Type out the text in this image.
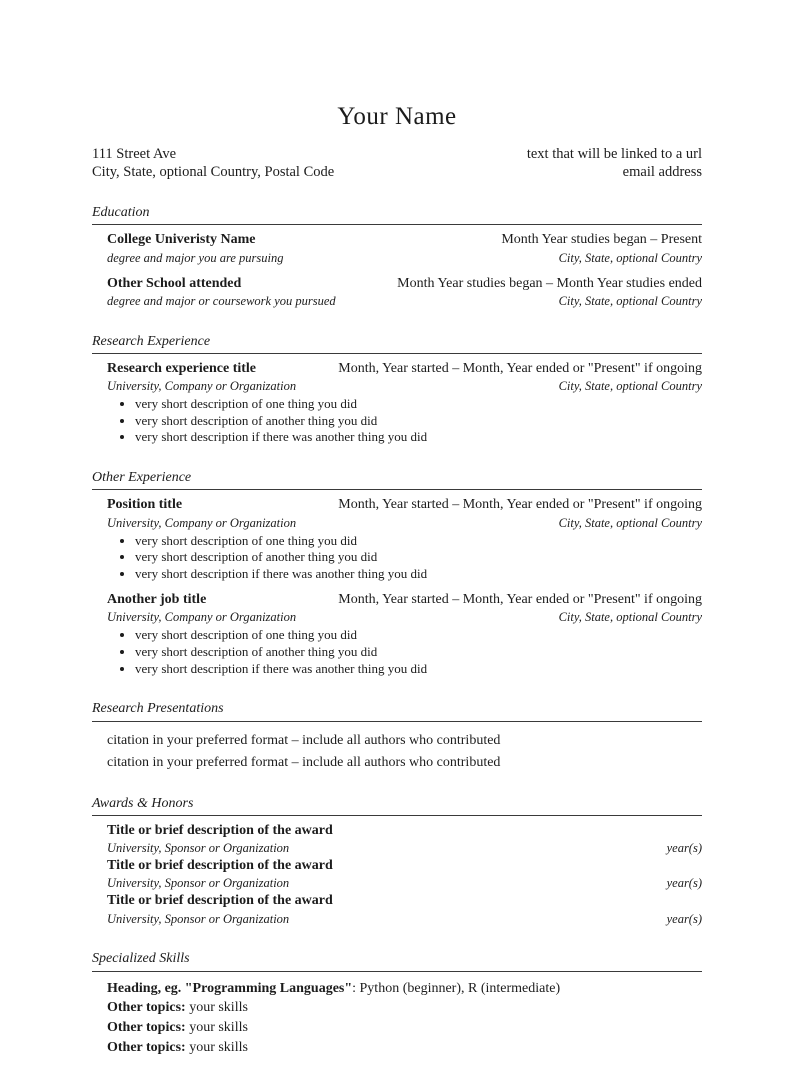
Your Name
111 Street Ave
City, State, optional Country, Postal Code
text that will be linked to a url
email address
Education
College Univeristy Name	Month Year studies began – Present
degree and major you are pursuing	City, State, optional Country
Other School attended	Month Year studies began – Month Year studies ended
degree and major or coursework you pursued	City, State, optional Country
Research Experience
Research experience title	Month, Year started – Month, Year ended or "Present" if ongoing
University, Company or Organization	City, State, optional Country
• very short description of one thing you did
• very short description of another thing you did
• very short description if there was another thing you did
Other Experience
Position title	Month, Year started – Month, Year ended or "Present" if ongoing
University, Company or Organization	City, State, optional Country
• very short description of one thing you did
• very short description of another thing you did
• very short description if there was another thing you did
Another job title	Month, Year started – Month, Year ended or "Present" if ongoing
University, Company or Organization	City, State, optional Country
• very short description of one thing you did
• very short description of another thing you did
• very short description if there was another thing you did
Research Presentations
citation in your preferred format – include all authors who contributed
citation in your preferred format – include all authors who contributed
Awards & Honors
Title or brief description of the award
University, Sponsor or Organization	year(s)
Title or brief description of the award
University, Sponsor or Organization	year(s)
Title or brief description of the award
University, Sponsor or Organization	year(s)
Specialized Skills
Heading, eg. "Programming Languages": Python (beginner), R (intermediate)
Other topics: your skills
Other topics: your skills
Other topics: your skills
